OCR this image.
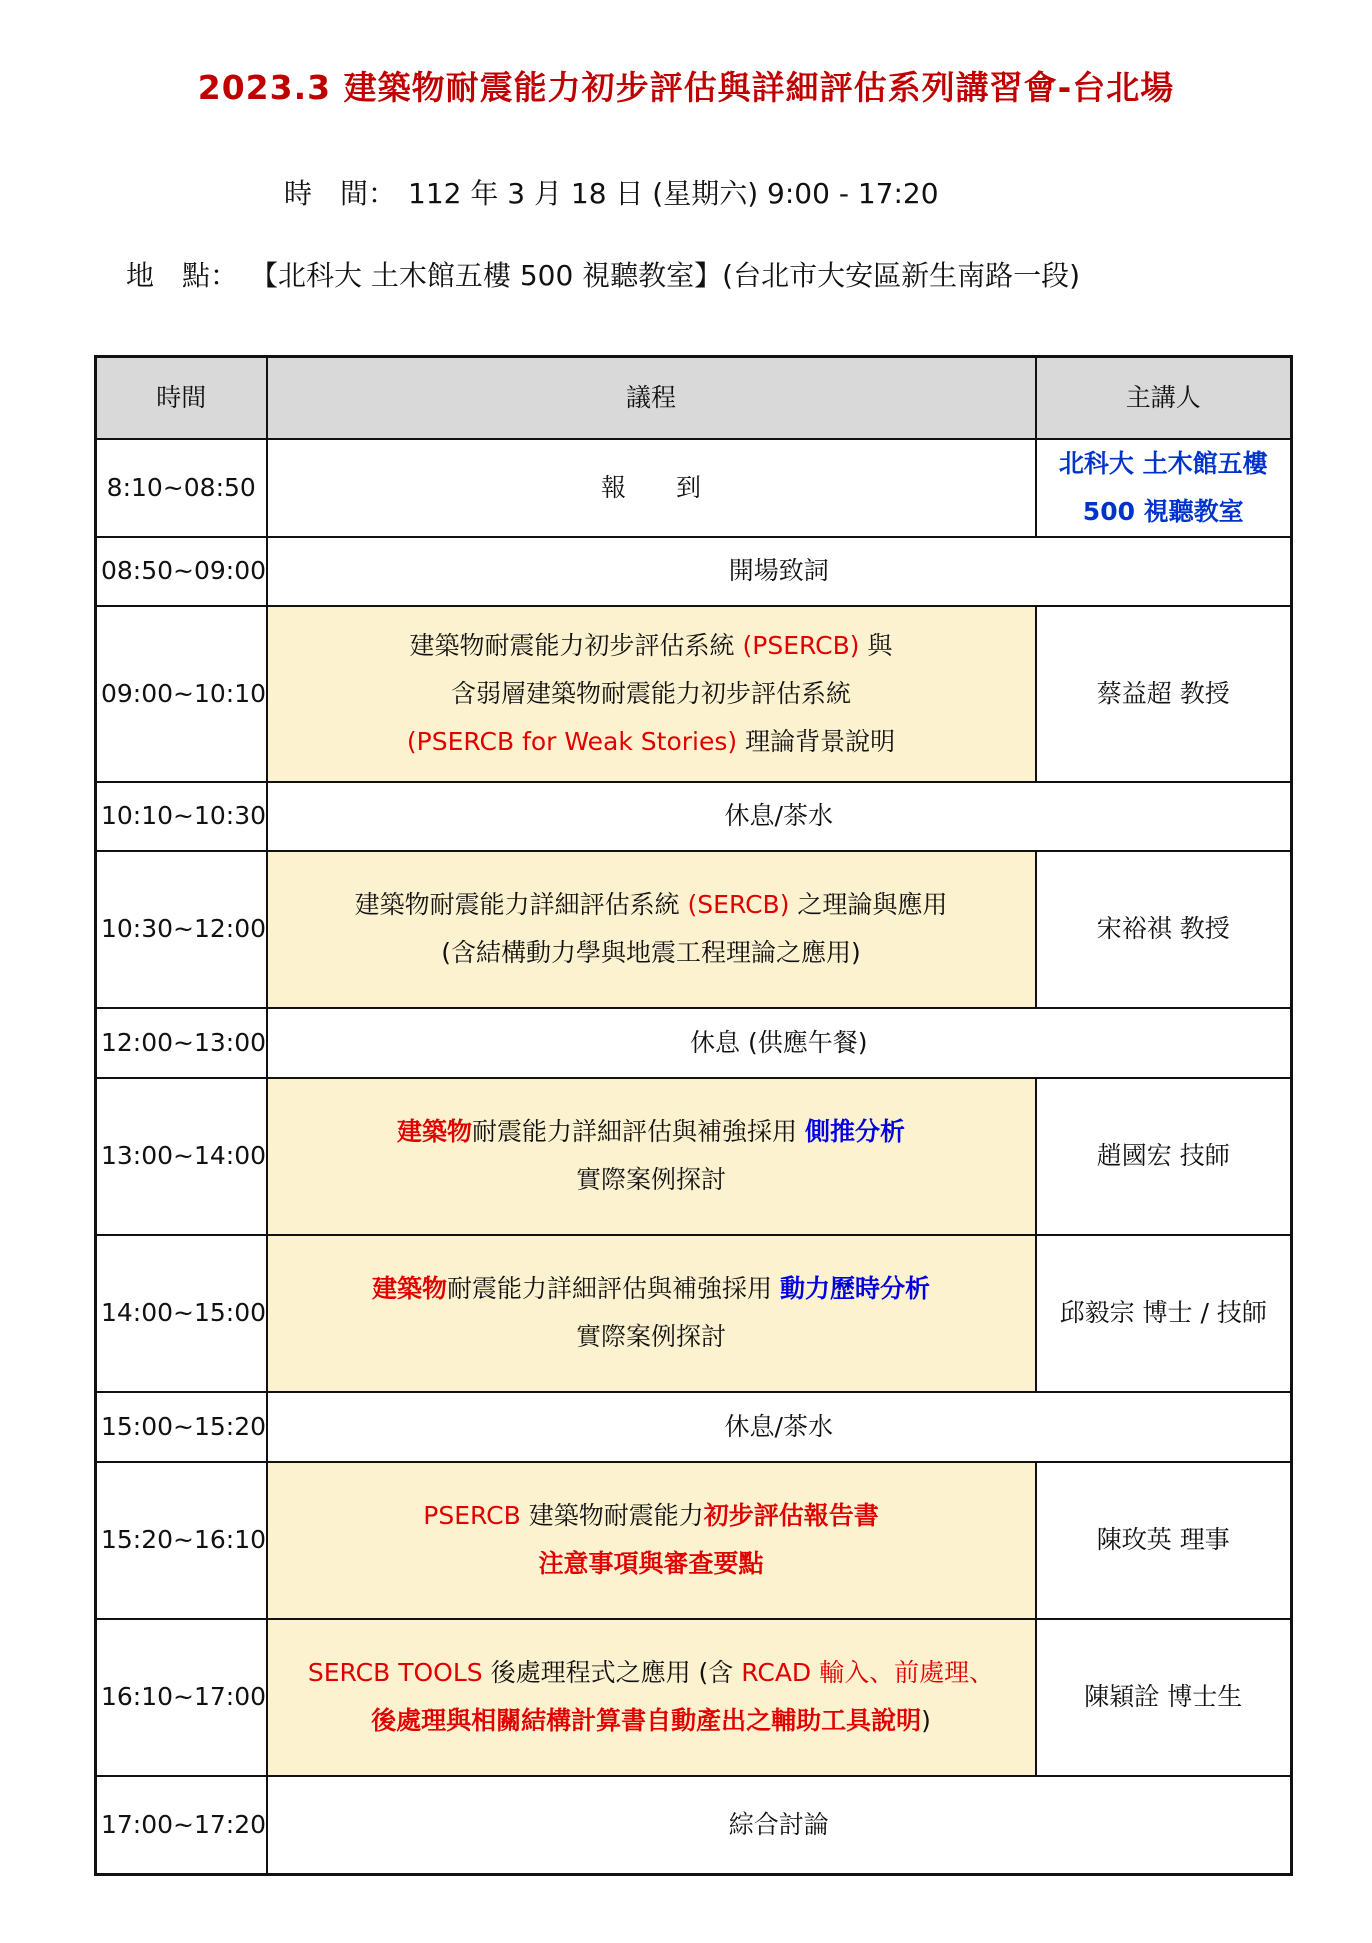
2023.3 建築物耐震能力初步評估與詳細評估系列講習會-台北場
時　間： 112 年 3 月 18 日 (星期六) 9:00 - 17:20
地　點： 【北科大 土木館五樓 500 視聽教室】(台北市大安區新生南路一段)
時間	議程	主講人
8:10~08:50	報　　到	北科大 土木館五樓
500 視聽教室

08:50~09:00	開場致詞	
09:00~10:10	建築物耐震能力初步評估系統 (PSERCB) 與
含弱層建築物耐震能力初步評估系統
(PSERCB for Weak Stories) 理論背景說明	蔡益超 教授
10:10~10:30	休息/茶水	
10:30~12:00	建築物耐震能力詳細評估系統 (SERCB) 之理論與應用
(含結構動力學與地震工程理論之應用)	宋裕祺 教授
12:00~13:00	休息 (供應午餐)	
13:00~14:00	建築物耐震能力詳細評估與補強採用 側推分析
實際案例探討	趙國宏 技師
14:00~15:00	建築物耐震能力詳細評估與補強採用 動力歷時分析
實際案例探討	邱毅宗 博士 / 技師
15:00~15:20	休息/茶水	
15:20~16:10	PSERCB 建築物耐震能力初步評估報告書
注意事項與審查要點	陳玫英 理事
16:10~17:00	SERCB TOOLS 後處理程式之應用 (含 RCAD 輸入、前處理、
後處理與相關結構計算書自動產出之輔助工具說明)	陳穎詮 博士生
17:00~17:20	綜合討論	
